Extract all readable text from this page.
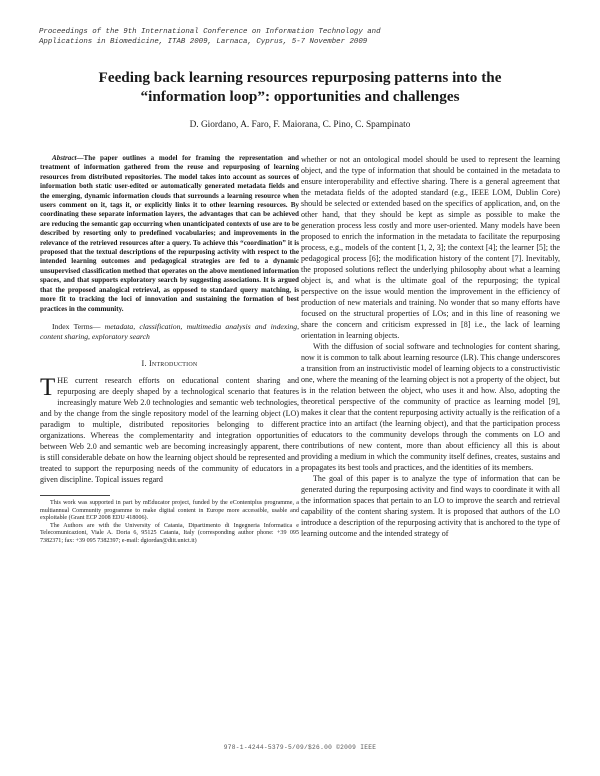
Proceedings of the 9th International Conference on Information Technology and
Applications in Biomedicine, ITAB 2009, Larnaca, Cyprus, 5-7 November 2009
Feeding back learning resources repurposing patterns into the
“information loop”: opportunities and challenges
D. Giordano, A. Faro, F. Maiorana, C. Pino, C. Spampinato

Abstract—The paper outlines a model for framing the representation and treatment of information gathered from the reuse and repurposing of learning resources from distributed repositories. The model takes into account as sources of information both static user-edited or automatically generated metadata fields and the emerging, dynamic information clouds that surrounds a learning resource when users comment on it, tags it, or explicitly links it to other learning resources. By coordinating these separate information layers, the advantages that can be achieved are reducing the semantic gap occurring when unanticipated contexts of use are to be described by resorting only to predefined vocabularies; and improvements in the relevance of the retrieved resources after a query. To achieve this “coordination” it is proposed that the textual descriptions of the repurposing activity with respect to the intended learning outcomes and pedagogical strategies are fed to a dynamic unsupervised classification method that operates on the above mentioned information spaces, and that supports exploratory search by suggesting associations. It is argued that the proposed analogical retrieval, as opposed to standard query matching, is more fit to tracking the loci of innovation and sustaining the formation of best practices in the community.

Index Terms— metadata, classification, multimedia analysis and indexing, content sharing, exploratory search

I. Introduction

THE current research efforts on educational content sharing and repurposing are deeply shaped by a technological scenario that features increasingly mature Web 2.0 technologies and semantic web technologies, and by the change from the single repository model of the learning object (LO) paradigm to multiple, distributed repositories belonging to different organizations. Whereas the complementarity and integration opportunities between Web 2.0 and semantic web are becoming increasingly apparent, there is still considerable debate on how the learning object should be represented and treated to support the repurposing needs of the community of educators in a given discipline. Topical issues regard

This work was supported in part by mEducator project, funded by the eContentplus programme, a multiannual Community programme to make digital content in Europe more accessible, usable and exploitable (Grant ECP 2008 EDU 418006).

The Authors are with the University of Catania, Dipartimento di Ingegneria Informatica e Telecomunicazioni, Viale A. Doria 6, 95125 Catania, Italy (corresponding author phone: +39 095 7382371; fax: +39 095 7382397; e-mail: dgiordan@diit.unict.it)

whether or not an ontological model should be used to represent the learning object, and the type of information that should be contained in the metadata to ensure interoperability and effective sharing. There is a general agreement that the metadata fields of the adopted standard (e.g., IEEE LOM, Dublin Core) should be selected or extended based on the specifics of application, and, on the other hand, that they should be kept as simple as possible to make the generation process less costly and more user-oriented. Many models have been proposed to enrich the information in the metadata to facilitate the repurposing process, e.g., models of the content [1, 2, 3]; the context [4]; the learner [5]; the pedagogical process [6]; the modification history of the content [7]. Inevitably, the proposed solutions reflect the underlying philosophy about what a learning object is, and what is the ultimate goal of the repurposing; the typical perspective on the issue would mention the improvement in the efficiency of production of new materials and training. No wonder that so many efforts have focused on the structural properties of LOs; and in this line of reasoning we share the concern and criticism expressed in [8] i.e., the lack of learning orientation in learning objects.

With the diffusion of social software and technologies for content sharing, now it is common to talk about learning resource (LR). This change underscores a transition from an instructivistic model of learning objects to a constructivistic one, where the meaning of the learning object is not a property of the object, but is in the relation between the object, who uses it and how. Also, adopting the theoretical perspective of the community of practice as learning model [9], makes it clear that the content repurposing activity actually is the reification of a practice into an artifact (the learning object), and that the participation process of educators to the community develops through the comments on LO and contributions of new content, more than about efficiency all this is about providing a medium in which the community itself defines, creates, sustains and propagates its best tools and practices, and the identities of its members.

The goal of this paper is to analyze the type of information that can be generated during the repurposing activity and find ways to coordinate it with all the information spaces that pertain to an LO to improve the search and retrieval capability of the content sharing system. It is proposed that authors of the LO introduce a description of the repurposing activity that is anchored to the type of learning outcome and the intended strategy of

978-1-4244-5379-5/09/$26.00 ©2009 IEEE
